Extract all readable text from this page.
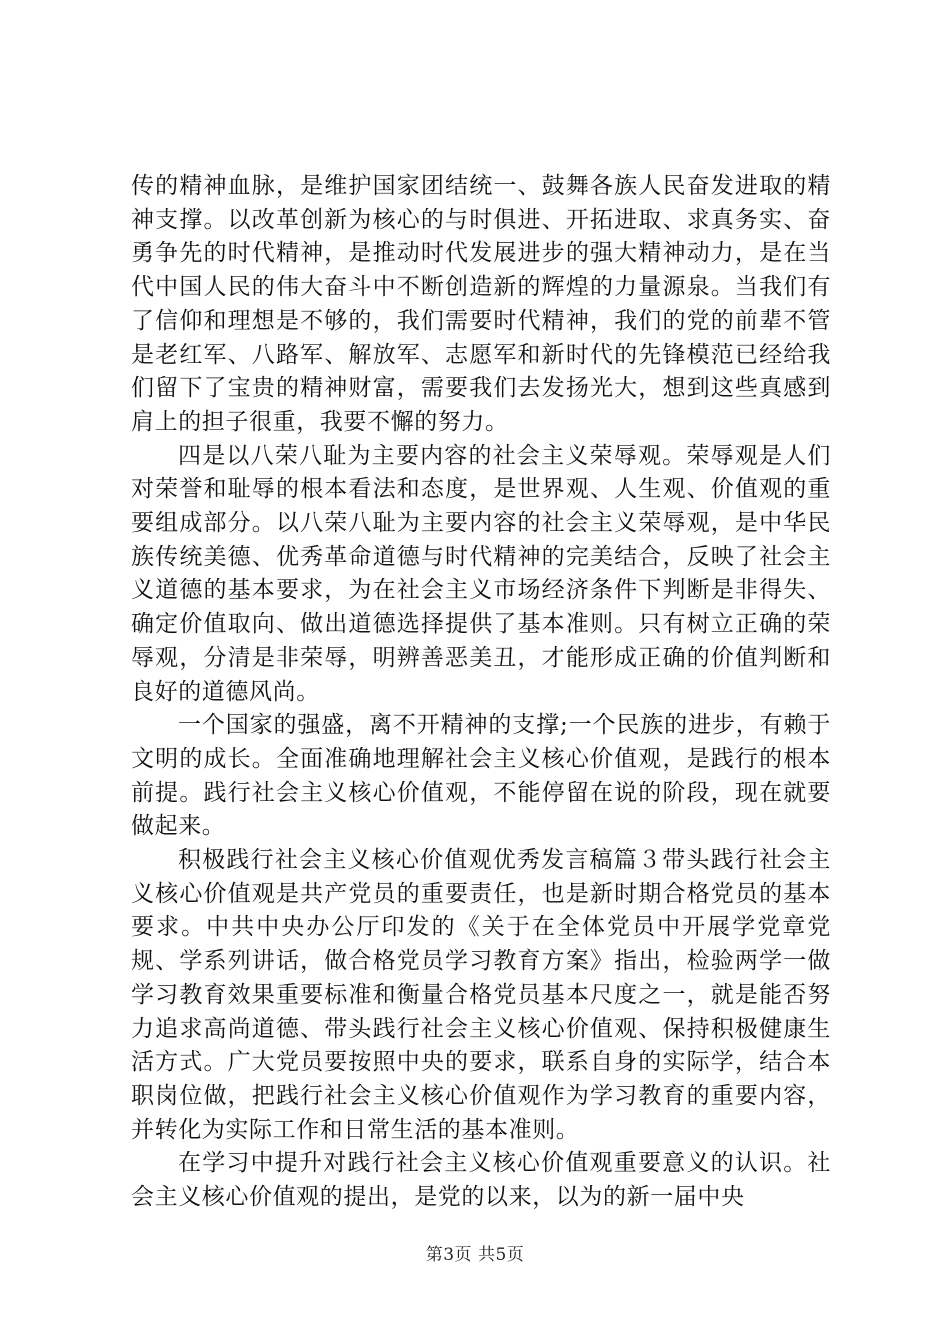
传的精神血脉，是维护国家团结统一、鼓舞各族人民奋发进取的精神支撑。以改革创新为核心的与时俱进、开拓进取、求真务实、奋勇争先的时代精神，是推动时代发展进步的强大精神动力，是在当代中国人民的伟大奋斗中不断创造新的辉煌的力量源泉。当我们有了信仰和理想是不够的，我们需要时代精神，我们的党的前辈不管是老红军、八路军、解放军、志愿军和新时代的先锋模范已经给我们留下了宝贵的精神财富，需要我们去发扬光大，想到这些真感到肩上的担子很重，我要不懈的努力。

四是以八荣八耻为主要内容的社会主义荣辱观。荣辱观是人们对荣誉和耻辱的根本看法和态度，是世界观、人生观、价值观的重要组成部分。以八荣八耻为主要内容的社会主义荣辱观，是中华民族传统美德、优秀革命道德与时代精神的完美结合，反映了社会主义道德的基本要求，为在社会主义市场经济条件下判断是非得失、确定价值取向、做出道德选择提供了基本准则。只有树立正确的荣辱观，分清是非荣辱，明辨善恶美丑，才能形成正确的价值判断和良好的道德风尚。

一个国家的强盛，离不开精神的支撑;一个民族的进步，有赖于文明的成长。全面准确地理解社会主义核心价值观，是践行的根本前提。践行社会主义核心价值观，不能停留在说的阶段，现在就要做起来。

积极践行社会主义核心价值观优秀发言稿篇３带头践行社会主义核心价值观是共产党员的重要责任，也是新时期合格党员的基本要求。中共中央办公厅印发的《关于在全体党员中开展学党章党规、学系列讲话，做合格党员学习教育方案》指出，检验两学一做学习教育效果重要标准和衡量合格党员基本尺度之一，就是能否努力追求高尚道德、带头践行社会主义核心价值观、保持积极健康生活方式。广大党员要按照中央的要求，联系自身的实际学，结合本职岗位做，把践行社会主义核心价值观作为学习教育的重要内容，并转化为实际工作和日常生活的基本准则。

在学习中提升对践行社会主义核心价值观重要意义的认识。社会主义核心价值观的提出，是党的以来，以为的新一届中央

第3页 共5页
